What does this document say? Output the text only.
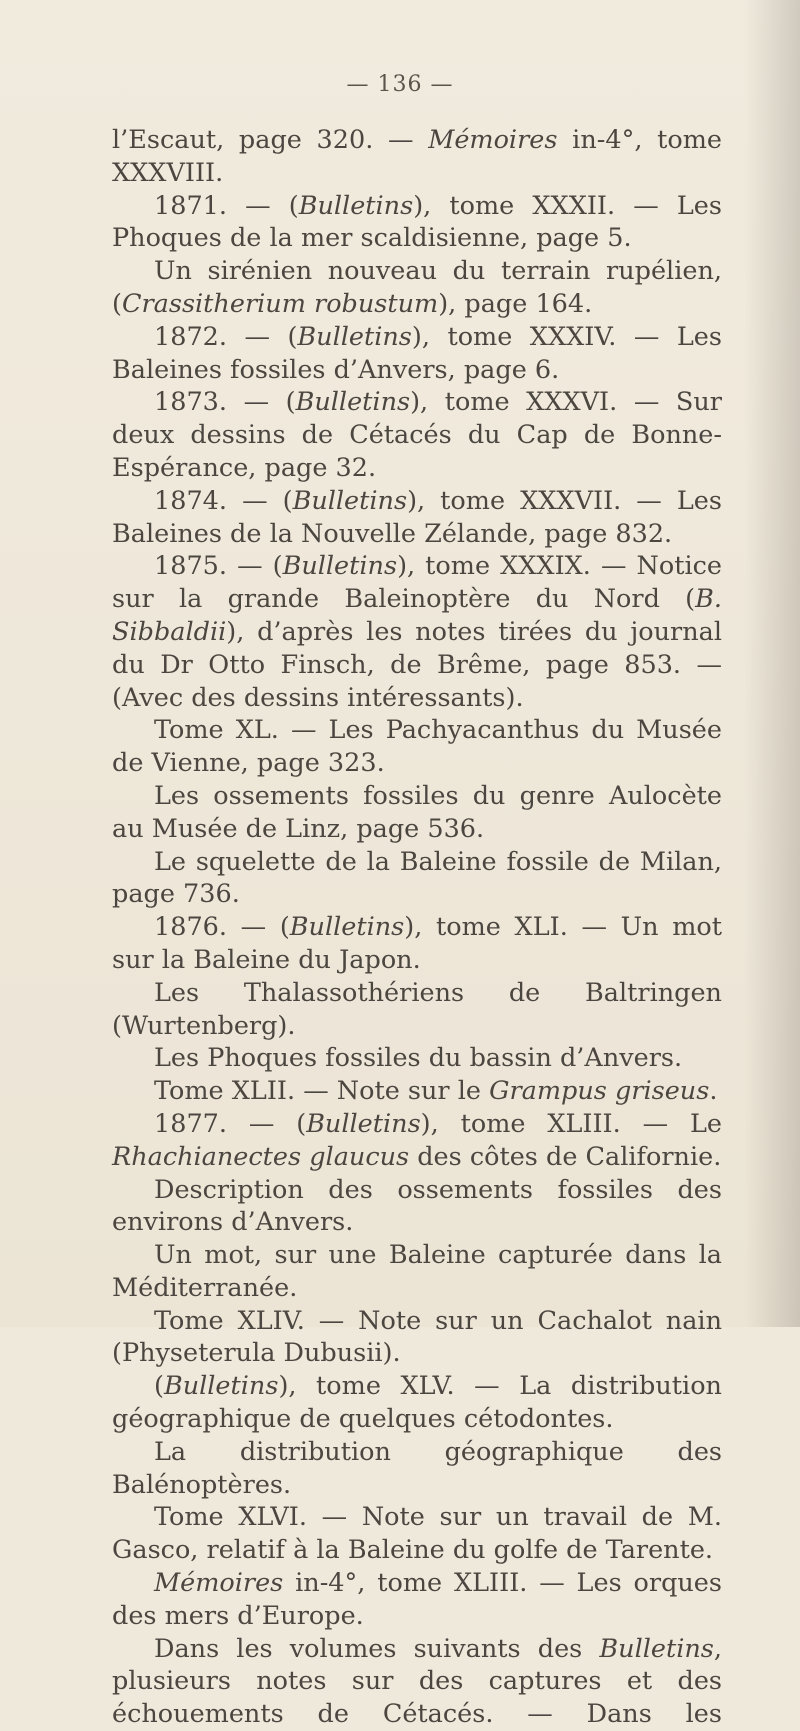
— 136 —

l’Escaut, page 320. — Mémoires in-4°, tome XXXVIII.

1871. — (Bulletins), tome XXXII. — Les Phoques de la mer scaldisienne, page 5.

Un sirénien nouveau du terrain rupélien, (Crassitherium robustum), page 164.

1872. — (Bulletins), tome XXXIV. — Les Baleines fossiles d’Anvers, page 6.

1873. — (Bulletins), tome XXXVI. — Sur deux dessins de Cétacés du Cap de Bonne-Espérance, page 32.

1874. — (Bulletins), tome XXXVII. — Les Baleines de la Nouvelle Zélande, page 832.

1875. — (Bulletins), tome XXXIX. — Notice sur la grande Baleinoptère du Nord (B. Sibbaldii), d’après les notes tirées du journal du Dr Otto Finsch, de Brême, page 853. — (Avec des dessins intéressants).

Tome XL. — Les Pachyacanthus du Musée de Vienne, page 323.

Les ossements fossiles du genre Aulocète au Musée de Linz, page 536.

Le squelette de la Baleine fossile de Milan, page 736.

1876. — (Bulletins), tome XLI. — Un mot sur la Baleine du Japon.

Les Thalassothériens de Baltringen (Wurtenberg).

Les Phoques fossiles du bassin d’Anvers.

Tome XLII. — Note sur le Grampus griseus.

1877. — (Bulletins), tome XLIII. — Le Rhachianectes glaucus des côtes de Californie.

Description des ossements fossiles des environs d’Anvers.

Un mot, sur une Baleine capturée dans la Méditerranée.

Tome XLIV. — Note sur un Cachalot nain (Physeterula Dubusii).

(Bulletins), tome XLV. — La distribution géographique de quelques cétodontes.

La distribution géographique des Balénoptères.

Tome XLVI. — Note sur un travail de M. Gasco, relatif à la Baleine du golfe de Tarente.

Mémoires in-4°, tome XLIII. — Les orques des mers d’Europe.

Dans les volumes suivants des Bulletins, plusieurs notes sur des captures et des échouements de Cétacés. — Dans les
